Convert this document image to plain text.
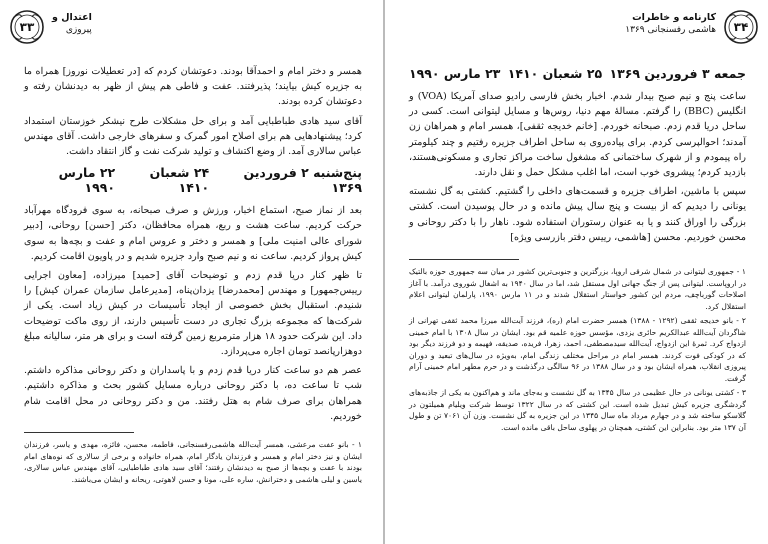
۳۳
اعتدال و
پیروزی

همسر و دختر امام و احمدآقا بودند. دعوتشان کردم که [در تعطیلات نوروز] همراه ما به جزیره کیش بیایند؛ پذیرفتند. عفت و فاطی هم پیش از ظهر به دیدنشان رفته و دعوتشان کرده بودند.

آقای سید هادی طباطبایی آمد و برای حل مشکلات طرح نیشکر خوزستان استمداد کرد؛ پیشنهادهایی هم برای اصلاح امور گمرک و سفرهای خارجی داشت. آقای مهندس عباس سالاری آمد. از وضع اکتشاف و تولید شرکت نفت و گاز انتقاد داشت.

پنج‌شنبه ۲ فروردین ۱۳۶۹
۲۴ شعبان ۱۴۱۰
۲۲ مارس ۱۹۹۰

بعد از نماز صبح، استماع اخبار، ورزش و صرف صبحانه، به سوی فرودگاه مهرآباد حرکت کردیم. ساعت هشت و ربع، همراه محافظان، دکتر [حسن] روحانی، [دبیر شورای عالی امنیت ملی] و همسر و دختر و عروس امام و عفت و بچه‌ها به سوی کیش پرواز کردیم. ساعت نه و نیم صبح وارد جزیره شدیم و در پاویون اقامت کردیم.

تا ظهر کنار دریا قدم زدم و توضیحات آقای [حمید] میرزاده، [معاون اجرایی رییس‌جمهور] و مهندس [محمدرضا] یزدان‌پناه، [مدیرعامل سازمان عمران کیش] را شنیدم. استقبال بخش خصوصی از ایجاد تأسیسات در کیش زیاد است. یکی از شرکت‌ها که مجموعه بزرگ تجاری در دست تأسیس دارند، از روی ماکت توضیحات داد. این شرکت حدود ۱۸ هزار مترمربع زمین گرفته است و برای هر متر، سالیانه مبلغ دوهزارپانصد تومان اجاره می‌پردازد.

عصر هم دو ساعت کنار دریا قدم زدم و با پاسداران و دکتر روحانی مذاکره داشتم. شب تا ساعت ده، با دکتر روحانی درباره مسایل کشور بحث و مذاکره داشتیم. همراهان برای صرف شام به هتل رفتند. من و دکتر روحانی در محل اقامت شام خوردیم.

۱ - بانو عفت مرعشی، همسر آیت‌الله هاشمی‌رفسنجانی، فاطمه، محسن، فائزه، مهدی و یاسر، فرزندان ایشان و نیز دختر امام و همسر و فرزندان یادگار امام، همراه خانواده و برخی از سالاری که نوه‌های امام بودند با عفت و بچه‌ها از صبح به دیدنشان رفتند؛ آقای سید هادی طباطبایی، آقای مهندس عباس سالاری، یاسین و لیلی هاشمی و دخترانش، ساره علی، مونا و حسن لاهوتی، ریحانه و ایشان می‌باشند.

۳۴
کارنامه و خاطرات
هاشمی رفسنجانی ۱۳۶۹
جمعه ۳ فروردین ۱۳۶۹
۲۵ شعبان ۱۴۱۰
۲۳ مارس ۱۹۹۰

ساعت پنج و نیم صبح بیدار شدم. اخبار بخش فارسی رادیو صدای آمریکا (VOA) و انگلیس (BBC) را گرفتم. مسالهٔ مهم دنیا، روس‌ها و مسایل لیتوانی است. کسی در ساحل دریا قدم زدم. صبحانه خوردم. [خانم خدیجه ثقفی]، همسر امام و همراهان زن آمدند؛ احوالپرسی کردم. برای پیاده‌روی به ساحل اطراف جزیره رفتیم و چند کیلومتر راه پیمودم و از شهرک ساختمانی که مشغول ساخت مراکز تجاری و مسکونی‌هستند، بازدید کردم؛ پیشروی خوب است، اما اغلب مشکل حمل و نقل دارند.

سپس با ماشین، اطراف جزیره و قسمت‌های داخلی را گشتیم. کشتی به گل نشسته یونانی را دیدیم که از بیست و پنج سال پیش مانده و در حال پوسیدن است. کشتی بزرگی را اوراق کنند و یا به عنوان رستوران استفاده شود. ناهار را با دکتر روحانی و محسن خوردیم. محسن [هاشمی، رییس دفتر بازرسی ویژه]

۱ - جمهوری لیتوانی در شمال شرقی اروپا، بزرگترین و جنوبی‌ترین کشور در میان سه جمهوری حوزه بالتیک در اروپاست. لیتوانی پس از جنگ جهانی اول مستقل شد، اما در سال ۱۹۴۰ به اشغال شوروی درآمد. با آغاز اصلاحات گورباچف، مردم این کشور خواستار استقلال شدند و در ۱۱ مارس ۱۹۹۰، پارلمان لیتوانی اعلام استقلال کرد.

۲ - بانو خدیجه ثقفی (۱۲۹۲ - ۱۳۸۸) همسر حضرت امام (ره)، فرزند آیت‌الله میرزا محمد ثقفی تهرانی از شاگردان آیت‌الله عبدالکریم حائری یزدی، مؤسس حوزه علمیه قم بود. ایشان در سال ۱۳۰۸ با امام خمینی ازدواج کرد. ثمرهٔ این ازدواج، آیت‌الله سیدمصطفی، احمد، زهرا، فریده، صدیقه، فهیمه و دو فرزند دیگر بود که در کودکی فوت کردند. همسر امام در مراحل مختلف زندگی امام، به‌ویژه در سال‌های تبعید و دوران پیروزی انقلاب، همراه ایشان بود و در سال ۱۳۸۸ در ۹۶ سالگی درگذشت و در حرم مطهر امام خمینی آرام گرفت.

۳ - کشتی یونانی در حال عظیمی در سال ۱۳۴۵ به گل نشست و به‌جای ماند و هم‌اکنون به یکی از جاذبه‌های گردشگری جزیره کیش تبدیل شده است. این کشتی که در سال ۱۳۲۲ توسط شرکت ویلیام همیلتون در گلاسکو ساخته شد و در جهارم مرداد ماه سال ۱۳۴۵ در این جزیره به گل نشست. وزن آن ۷۰۶۱ تن و طول آن ۱۳۷ متر بود. بنابراین این کشتی، همچنان در پهلوی ساحل باقی مانده است.
